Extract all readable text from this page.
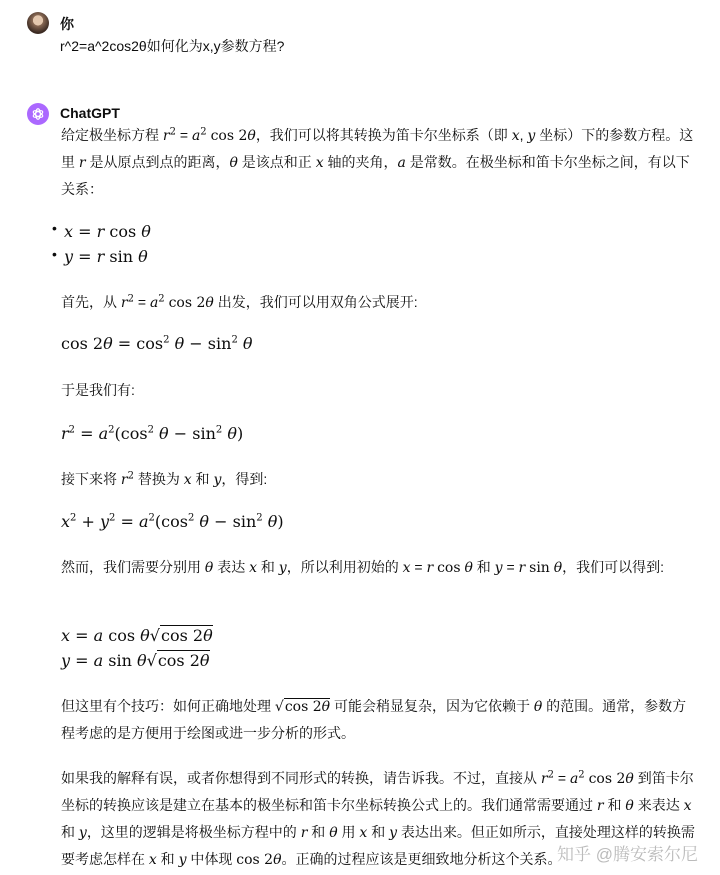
你
r^2=a^2cos2θ如何化为x,y参数方程?
ChatGPT
给定极坐标方程 $r^2 = a^2$ cos 2θ，我们可以将其转换为笛卡尔坐标系（即 x, y 坐标）下的参数方程。这里 r 是从原点到点的距离，θ 是该点和正 x 轴的夹角，a 是常数。在极坐标和笛卡尔坐标之间，有以下关系：
• x = r cos θ
• y = r sin θ
首先，从 $r^2 = a^2$ cos 2θ 出发，我们可以用双角公式展开:
$\cos 2\theta = \cos^2 \theta - \sin^2 \theta$
于是我们有:
$r^2 = a^2(\cos^2$ $\theta - \sin^2 \theta$)
接下来将 $r^2$ 替换为 x 和 y，得到:
$x^2 + y^2 = a^2(\cos^2$ $\theta - \sin^2 \theta$)
然而，我们需要分别用 θ 表达 x 和 y，所以利用初始的 x = r cos θ 和 y = r sin θ，我们可以得到:
x = a cos θ√cos 2θ
y = a sin θ√cos 2θ
但这里有个技巧：如何正确地处理 √cos 2θ 可能会稍显复杂，因为它依赖于 θ 的范围。通常，参数方程考虑的是方便用于绘图或进一步分析的形式。
如果我的解释有误，或者你想得到不同形式的转换，请告诉我。不过，直接从 $r^2 = a^2$ cos 2θ 到笛卡尔坐标的转换应该是建立在基本的极坐标和笛卡尔坐标转换公式上的。我们通常需要通过 r 和 θ 来表达 x 和 y，这里的逻辑是将极坐标方程中的 r 和 θ 用 x 和 y 表达出来。但正如所示，直接处理这样的转换需要考虑怎样在 x 和 y 中体现 cos 2θ。正确的过程应该是更细致地分析这个关系。
知乎 @腾安索尔尼
